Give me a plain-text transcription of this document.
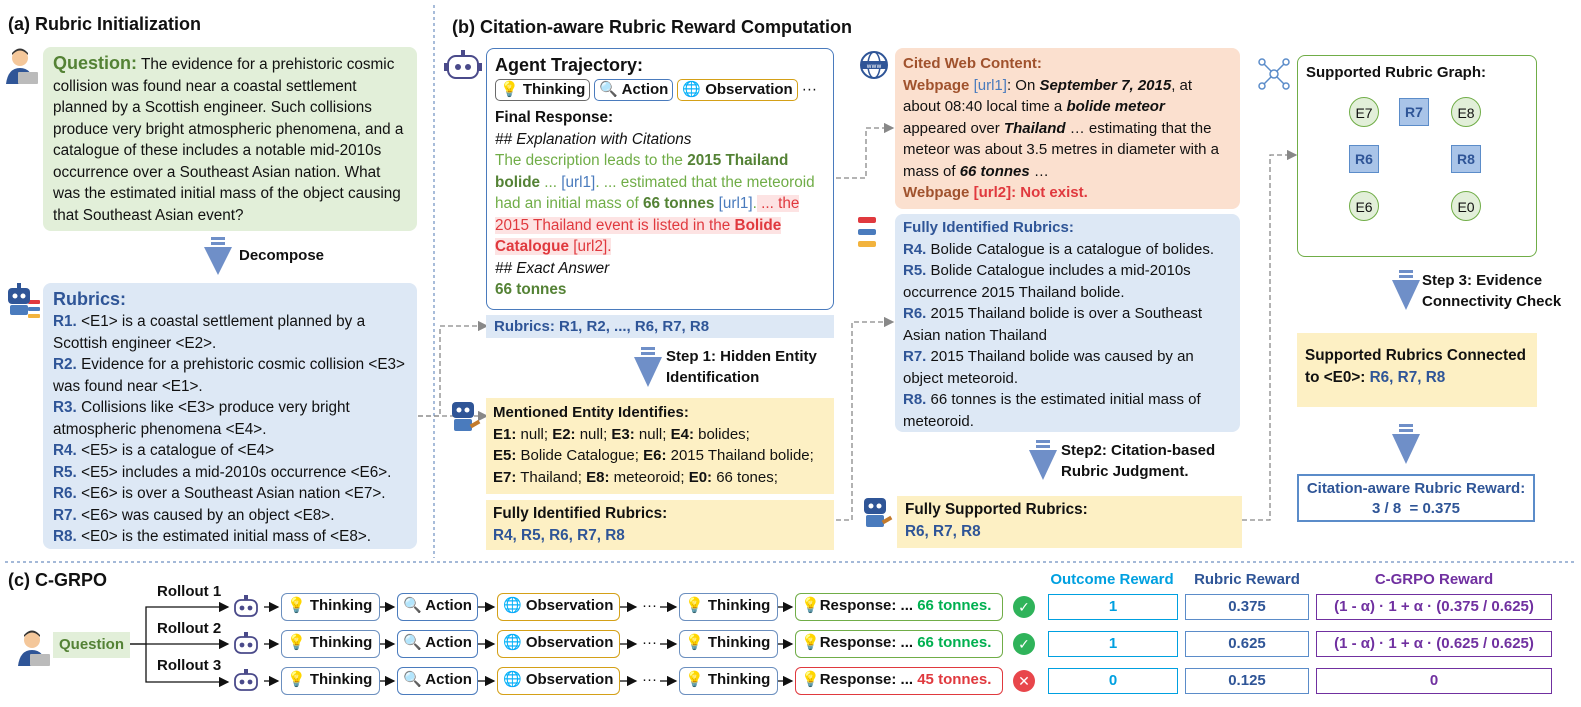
(a) Rubric Initialization	(b) Citation-aware Rubric Reward Computation
(c) C-GRPO
www
Question: The evidence for a prehistoric cosmic collision was found near a coastal settlement planned by a Scottish engineer. Such collisions produce very bright atmospheric phenomena, and a catalogue of these includes a notable mid-2010s occurrence over a Southeast Asian nation. What was the estimated initial mass of the object causing that Southeast Asian event?
Decompose
Rubrics:
R1. <E1> is a coastal settlement planned by a Scottish engineer <E2>.
R2. Evidence for a prehistoric cosmic collision <E3> was found near <E1>.
R3. Collisions like <E3> produce very bright atmospheric phenomena <E4>.
R4. <E5> is a catalogue of <E4>
R5. <E5> includes a mid-2010s occurrence <E6>.
R6. <E6> is over a Southeast Asian nation <E7>.
R7. <E6> was caused by an object <E8>.
R8. <E0> is the estimated initial mass of <E8>.
Agent Trajectory:
💡 Thinking 🔍 Action 🌐 Observation ···
Final Response:
## Explanation with Citations
The description leads to the 2015 Thailand bolide ... [url1]. ... estimated that the meteoroid had an initial mass of 66 tonnes [url1]. ... the 2015 Thailand event is listed in the Bolide Catalogue [url2].
## Exact Answer
66 tonnes
Rubrics: R1, R2, ..., R6, R7, R8
Step 1: Hidden Entity Identification
Mentioned Entity Identifies:
E1: null; E2: null; E3: null; E4: bolides;
E5: Bolide Catalogue; E6: 2015 Thailand bolide;
E7: Thailand; E8: meteoroid; E0: 66 tones;
Fully Identified Rubrics:
R4, R5, R6, R7, R8
Cited Web Content:
Webpage [url1]: On September 7, 2015, at about 08:40 local time a bolide meteor appeared over Thailand … estimating that the meteor was about 3.5 metres in diameter with a mass of 66 tonnes …
Webpage [url2]: Not exist.
Fully Identified Rubrics:
R4. Bolide Catalogue is a catalogue of bolides.
R5. Bolide Catalogue includes a mid-2010s occurrence 2015 Thailand bolide.
R6. 2015 Thailand bolide is over a Southeast Asian nation Thailand
R7. 2015 Thailand bolide was caused by an object meteoroid.
R8. 66 tonnes is the estimated initial mass of meteoroid.
Step2: Citation-based Rubric Judgment.
Fully Supported Rubrics:
R6, R7, R8
Supported Rubric Graph:
E7	E8
E6	E0
R7
R6	R8
Step 3: Evidence Connectivity Check
Supported Rubrics Connected to <E0>: R6, R7, R8
Citation-aware Rubric Reward:
3 / 8  = 0.375
Question
Outcome Reward	Rubric Reward	C-GRPO Reward
Rollout 1
💡 Thinking	🔍 Action	🌐 Observation	💡 Thinking
···	💡Response: ... 66 tonnes.	✓	1	0.375	(1 - α) · 1 + α · (0.375 / 0.625)
Rollout 2
💡 Thinking	🔍 Action	🌐 Observation	💡 Thinking
···	💡Response: ... 66 tonnes.	✓	1	0.625	(1 - α) · 1 + α · (0.625 / 0.625)
Rollout 3
💡 Thinking	🔍 Action	🌐 Observation	💡 Thinking
···	💡Response: ... 45 tonnes.	✕	0	0.125	0
